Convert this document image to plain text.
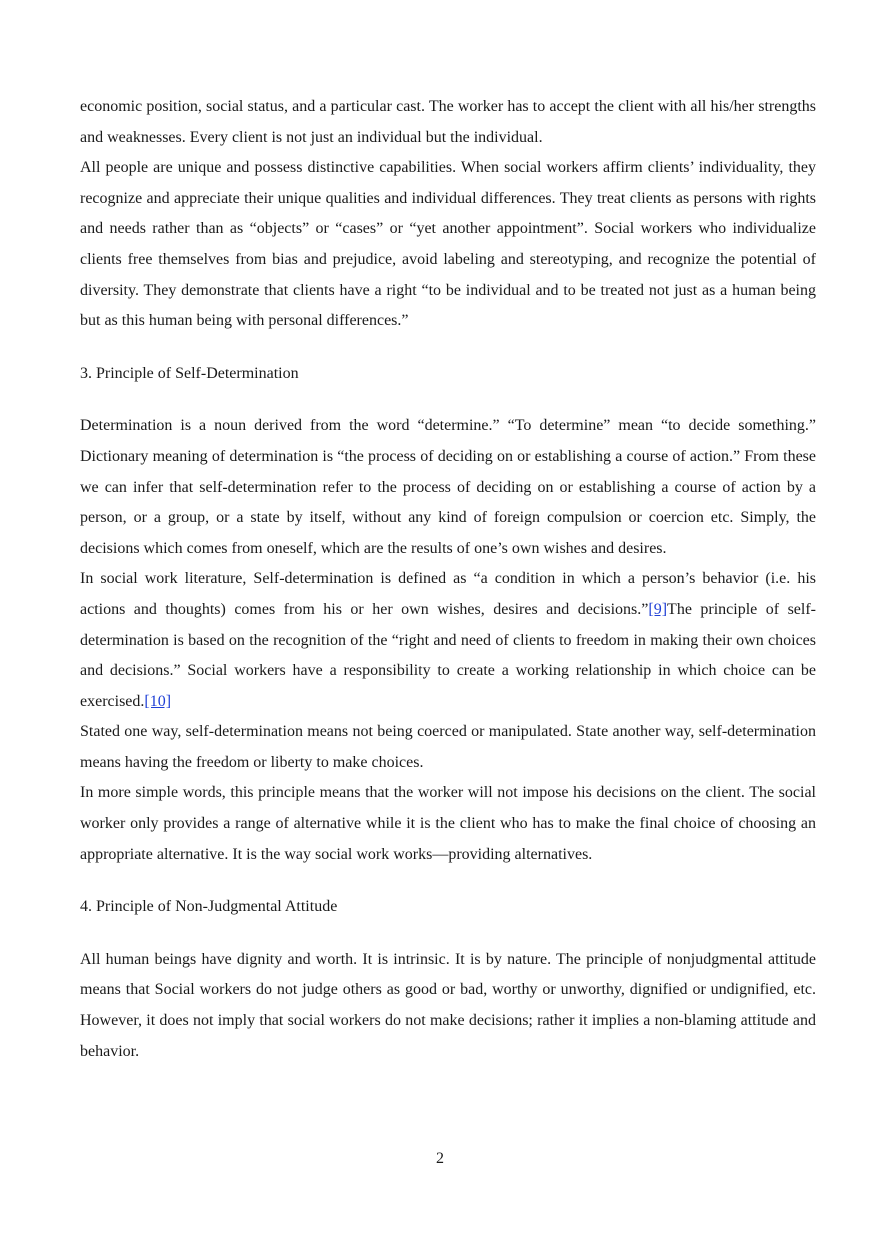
economic position, social status, and a particular cast. The worker has to accept the client with all his/her strengths and weaknesses. Every client is not just an individual but the individual.

All people are unique and possess distinctive capabilities. When social workers affirm clients’ individuality, they recognize and appreciate their unique qualities and individual differences. They treat clients as persons with rights and needs rather than as “objects” or “cases” or “yet another appointment”. Social workers who individualize clients free themselves from bias and prejudice, avoid labeling and stereotyping, and recognize the potential of diversity. They demonstrate that clients have a right “to be individual and to be treated not just as a human being but as this human being with personal differences.”

3. Principle of Self-Determination

Determination is a noun derived from the word “determine.” “To determine” mean “to decide something.” Dictionary meaning of determination is “the process of deciding on or establishing a course of action.” From these we can infer that self-determination refer to the process of deciding on or establishing a course of action by a person, or a group, or a state by itself, without any kind of foreign compulsion or coercion etc. Simply, the decisions which comes from oneself, which are the results of one’s own wishes and desires.

In social work literature, Self-determination is defined as “a condition in which a person’s behavior (i.e. his actions and thoughts) comes from his or her own wishes, desires and decisions.”[9]The principle of self-determination is based on the recognition of the “right and need of clients to freedom in making their own choices and decisions.” Social workers have a responsibility to create a working relationship in which choice can be exercised.[10]

Stated one way, self-determination means not being coerced or manipulated. State another way, self-determination means having the freedom or liberty to make choices.

In more simple words, this principle means that the worker will not impose his decisions on the client. The social worker only provides a range of alternative while it is the client who has to make the final choice of choosing an appropriate alternative. It is the way social work works—providing alternatives.

4. Principle of Non-Judgmental Attitude

All human beings have dignity and worth. It is intrinsic. It is by nature. The principle of nonjudgmental attitude means that Social workers do not judge others as good or bad, worthy or unworthy, dignified or undignified, etc. However, it does not imply that social workers do not make decisions; rather it implies a non-blaming attitude and behavior.

2
